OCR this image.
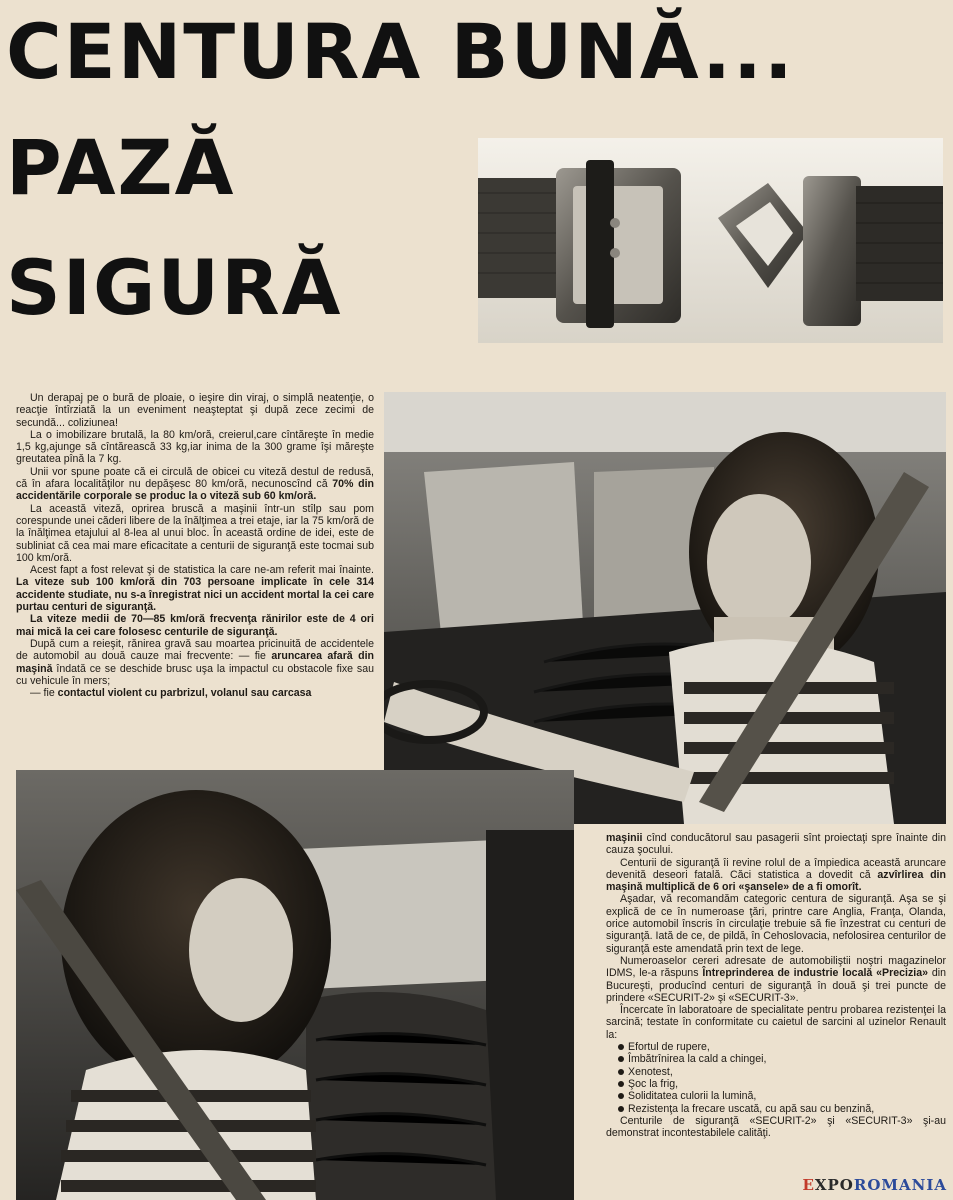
CENTURA BUNĂ...
PAZĂ
SIGURĂ

Un derapaj pe o bură de ploaie, o ieşire din viraj, o simplă neatenţie, o reacţie întîrziată la un eveniment neaşteptat şi după zece zecimi de secundă... coliziunea!

La o imobilizare brutală, la 80 km/oră, creierul,care cîntăreşte în medie 1,5 kg,ajunge să cîntărească 33 kg,iar inima de la 300 grame îşi măreşte greutatea pînă la 7 kg.

Unii vor spune poate că ei circulă de obicei cu viteză destul de redusă, că în afara localităţilor nu depăşesc 80 km/oră, necunoscînd că 70% din accidentările corporale se produc la o viteză sub 60 km/oră.

La această viteză, oprirea bruscă a maşinii într-un stîlp sau pom corespunde unei căderi libere de la înălţimea a trei etaje, iar la 75 km/oră de la înălţimea etajului al 8-lea al unui bloc. În această ordine de idei, este de subliniat că cea mai mare eficacitate a centurii de siguranţă este tocmai sub 100 km/oră.

Acest fapt a fost relevat şi de statistica la care ne-am referit mai înainte. La viteze sub 100 km/oră din 703 persoane implicate în cele 314 accidente studiate, nu s-a înregistrat nici un accident mortal la cei care purtau centuri de siguranţă.

La viteze medii de 70—85 km/oră frecvenţa rănirilor este de 4 ori mai mică la cei care folosesc centurile de siguranţă.

După cum a reieşit, rănirea gravă sau moartea pricinuită de accidentele de automobil au două cauze mai frecvente: — fie aruncarea afară din maşină îndată ce se deschide brusc uşa la impactul cu obstacole fixe sau cu vehicule în mers;

— fie contactul violent cu parbrizul, volanul sau carcasa

maşinii cînd conducătorul sau pasagerii sînt proiectaţi spre înainte din cauza şocului.

Centurii de siguranţă îi revine rolul de a împiedica această aruncare devenită deseori fatală. Căci statistica a dovedit că azvîrlirea din maşină multiplică de 6 ori «şansele» de a fi omorît.

Aşadar, vă recomandăm categoric centura de siguranţă. Aşa se şi explică de ce în numeroase ţări, printre care Anglia, Franţa, Olanda, orice automobil înscris în circulaţie trebuie să fie înzestrat cu centuri de siguranţă. Iată de ce, de pildă, în Cehoslovacia, nefolosirea centurilor de siguranţă este amendată prin text de lege.

Numeroaselor cereri adresate de automobiliştii noştri magazinelor IDMS, le-a răspuns Întreprinderea de industrie locală «Precizia» din Bucureşti, producînd centuri de siguranţă în două şi trei puncte de prindere «SECURIT-2» şi «SECURIT-3».

Încercate în laboratoare de specialitate pentru probarea rezistenţei la sarcină; testate în conformitate cu caietul de sarcini al uzinelor Renault la:

Efortul de rupere,
Îmbătrînirea la cald a chingei,
Xenotest,
Şoc la frig,
Soliditatea culorii la lumină,
Rezistenţa la frecare uscată, cu apă sau cu benzină,

Centurile de siguranţă «SECURIT-2» şi «SECURIT-3» şi-au demonstrat incontestabilele calităţi.

EXPOROMANIA
